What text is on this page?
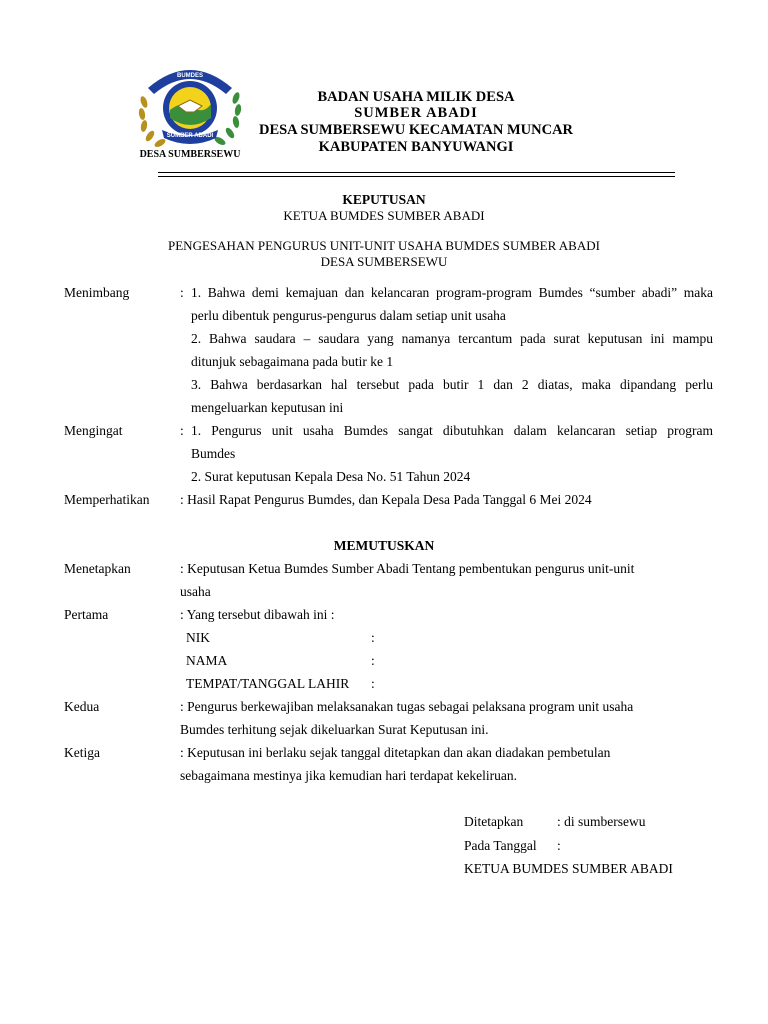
BUMDES
SUMBER ABADI
DESA SUMBERSEWU
BADAN USAHA MILIK DESA
SUMBER ABADI
DESA SUMBERSEWU KECAMATAN MUNCAR
KABUPATEN BANYUWANGI
KEPUTUSAN
KETUA BUMDES SUMBER ABADI
PENGESAHAN PENGURUS UNIT-UNIT USAHA BUMDES SUMBER ABADI
DESA SUMBERSEWU
Menimbang	: 1. Bahwa demi kemajuan dan kelancaran program-program Bumdes “sumber abadi” maka
perlu dibentuk pengurus-pengurus dalam setiap unit usaha
2. Bahwa saudara – saudara yang namanya tercantum pada surat keputusan ini mampu
ditunjuk sebagaimana pada butir ke 1
3. Bahwa berdasarkan hal tersebut pada butir 1 dan 2 diatas, maka dipandang perlu
mengeluarkan keputusan ini
Mengingat	: 1. Pengurus unit usaha Bumdes sangat dibutuhkan dalam kelancaran setiap program
Bumdes
2. Surat keputusan Kepala Desa No. 51 Tahun 2024
Memperhatikan : Hasil Rapat Pengurus Bumdes, dan Kepala Desa Pada Tanggal 6 Mei 2024
MEMUTUSKAN
Menetapkan	: Keputusan Ketua Bumdes Sumber Abadi Tentang pembentukan pengurus unit-unit
usaha
Pertama	: Yang tersebut dibawah ini :
NIK	:
NAMA	:
TEMPAT/TANGGAL LAHIR :
Kedua	: Pengurus berkewajiban melaksanakan tugas sebagai pelaksana program unit usaha
Bumdes terhitung sejak dikeluarkan Surat Keputusan ini.
Ketiga	: Keputusan ini berlaku sejak tanggal ditetapkan dan akan diadakan pembetulan
sebagaimana mestinya jika kemudian hari terdapat kekeliruan.
Ditetapkan	: di sumbersewu
Pada Tanggal :
KETUA BUMDES SUMBER ABADI
